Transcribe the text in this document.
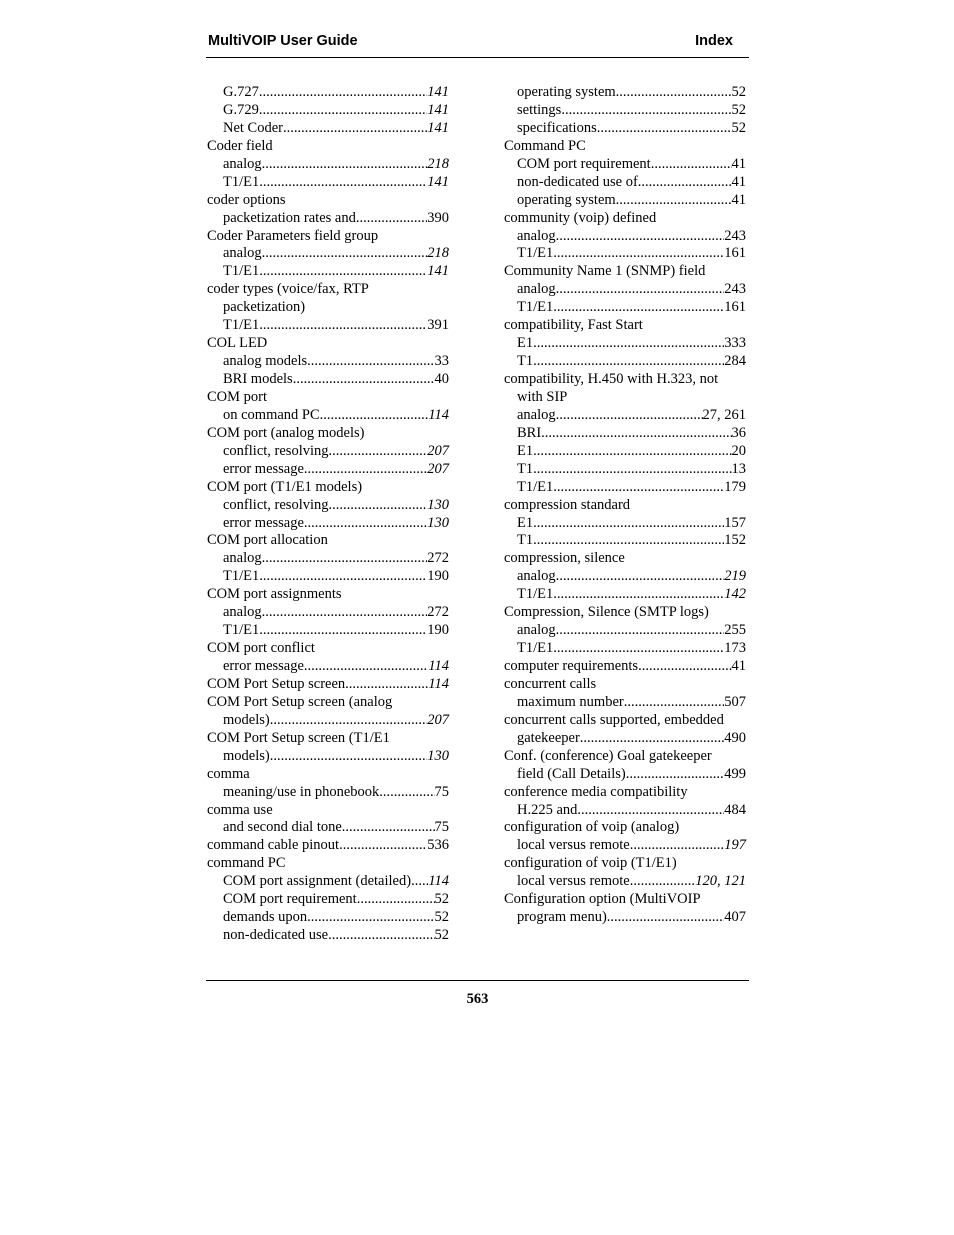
MultiVOIP User Guide	Index
G.727 .....	141
G.729 .....	141
Net Coder .....	141
Coder field
analog .....	218
T1/E1 .....	141
coder options
packetization rates and .....	390
Coder Parameters field group
analog .....	218
T1/E1 .....	141
coder types (voice/fax, RTP
packetization)
T1/E1 .....	391
COL LED
analog models .....	33
BRI models .....	40
COM port
on command PC .....	114
COM port (analog models)
conflict, resolving .....	207
error message .....	207
COM port (T1/E1 models)
conflict, resolving .....	130
error message .....	130
COM port allocation
analog .....	272
T1/E1 .....	190
COM port assignments
analog .....	272
T1/E1 .....	190
COM port conflict
error message .....	114
COM Port Setup screen .....	114
COM Port Setup screen (analog
models) .....	207
COM Port Setup screen (T1/E1
models) .....	130
comma
meaning/use in phonebook .....	75
comma use
and second dial tone .....	75
command cable pinout .....	536
command PC
COM port assignment (detailed) ..... 114
COM port requirement .....	52
demands upon .....	52
non-dedicated use .....	52
operating system .....	52
settings .....	52
specifications .....	52
Command PC
COM port requirement .....	41
non-dedicated use of .....	41
operating system .....	41
community (voip) defined
analog .....	243
T1/E1 .....	161
Community Name 1 (SNMP) field
analog .....	243
T1/E1 .....	161
compatibility, Fast Start
E1 .....	333
T1 .....	284
compatibility, H.450 with H.323, not
with SIP
analog .....	27, 261
BRI .....	36
E1 .....	20
T1 .....	13
T1/E1 .....	179
compression standard
E1 .....	157
T1 .....	152
compression, silence
analog .....	219
T1/E1 .....	142
Compression, Silence (SMTP logs)
analog .....	255
T1/E1 .....	173
computer requirements .....	41
concurrent calls
maximum number .....	507
concurrent calls supported, embedded
gatekeeper .....	490
Conf. (conference) Goal gatekeeper
field (Call Details) .....	499
conference media compatibility
H.225 and .....	484
configuration of voip (analog)
local versus remote .....	197
configuration of voip (T1/E1)
local versus remote .....	120, 121
Configuration option (MultiVOIP
program menu) .....	407
563
